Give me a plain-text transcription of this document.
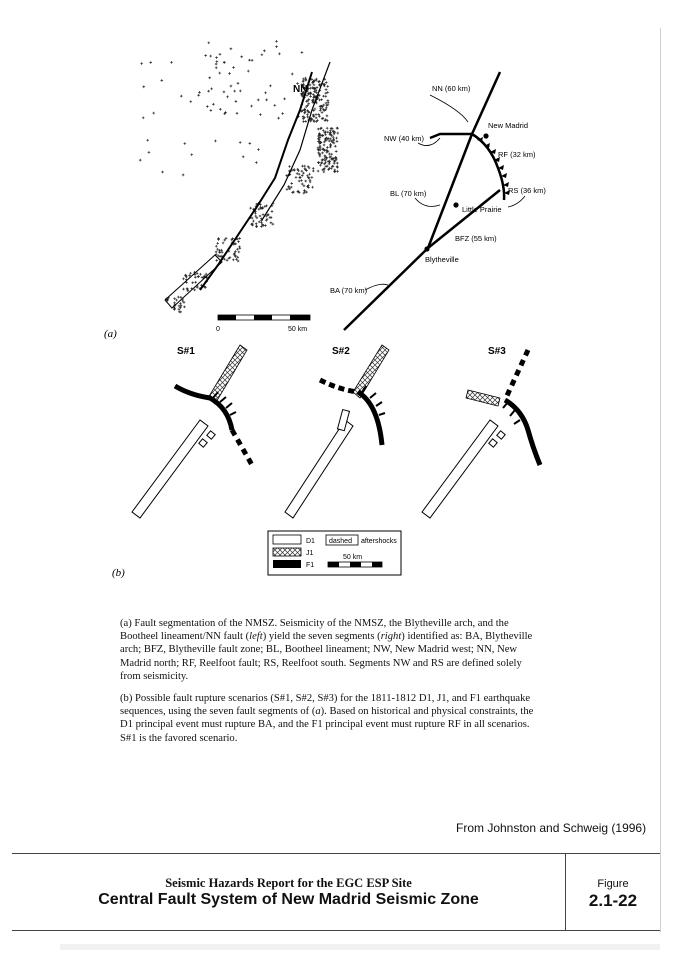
NN
0	50 km
(a)
NN (60 km)
NW (40 km)
RF (32 km)
RS (36 km)
BL (70 km)
BFZ (55 km)
BA (70 km)
New Madrid
Little Prairie
Blytheville
S#1	S#2	S#3
D1
J1
F1
dashed aftershocks
50 km
(b)
(a) Fault segmentation of the NMSZ. Seismicity of the NMSZ, the Blytheville arch, and the Bootheel lineament/NN fault (left) yield the seven segments (right) identified as: BA, Blytheville arch; BFZ, Blytheville fault zone; BL, Bootheel lineament; NW, New Madrid west; NN, New Madrid north; RF, Reelfoot fault; RS, Reelfoot south. Segments NW and RS are defined solely from seismicity.
(b) Possible fault rupture scenarios (S#1, S#2, S#3) for the 1811-1812 D1, J1, and F1 earthquake sequences, using the seven fault segments of (a). Based on historical and physical constraints, the D1 principal event must rupture BA, and the F1 principal event must rupture RF in all scenarios. S#1 is the favored scenario.
From Johnston and Schweig (1996)
Seismic Hazards Report for the EGC ESP Site
Central Fault System of New Madrid Seismic Zone
Figure
2.1-22
